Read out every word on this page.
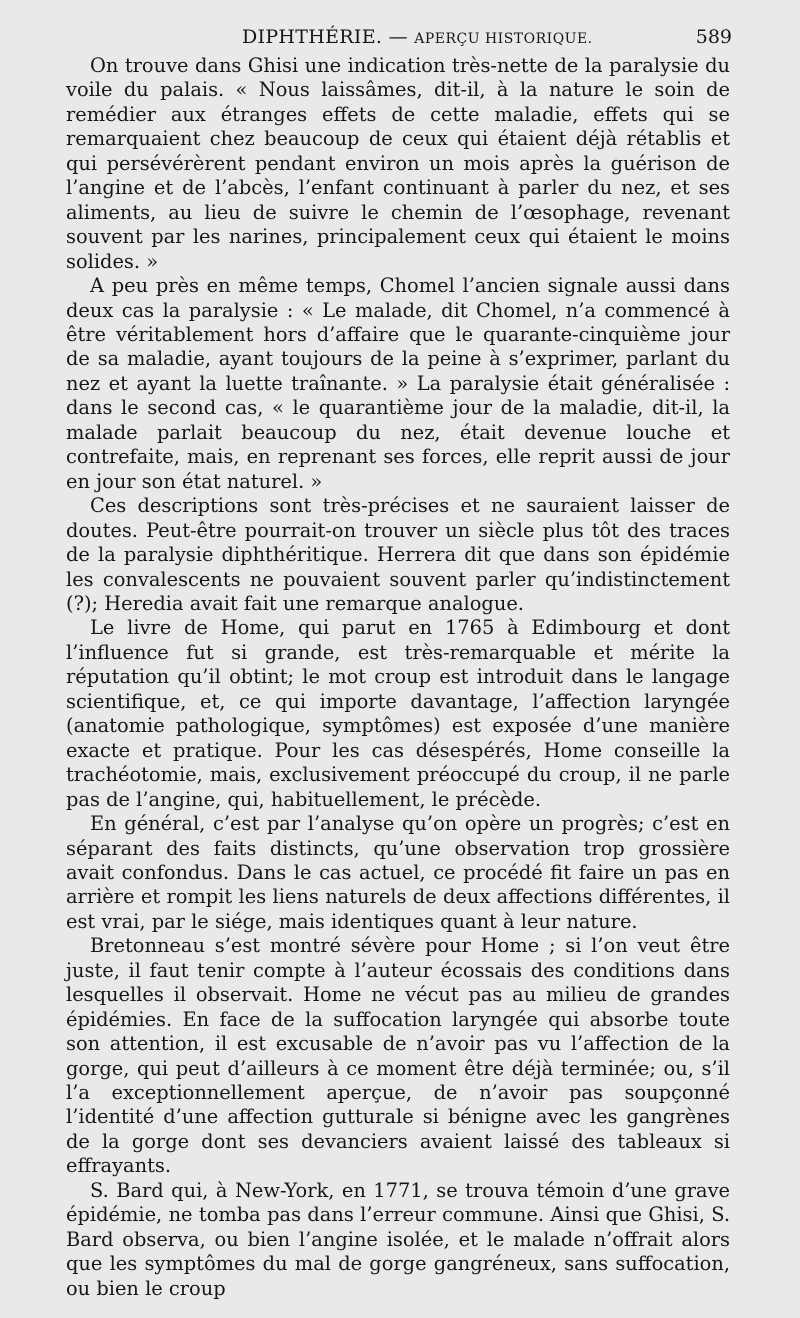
DIPHTHÉRIE. — APERÇU HISTORIQUE.	589

On trouve dans Ghisi une indication très-nette de la paralysie du voile du palais. « Nous laissâmes, dit-il, à la nature le soin de remédier aux étranges effets de cette maladie, effets qui se remarquaient chez beaucoup de ceux qui étaient déjà rétablis et qui persévérèrent pendant environ un mois après la guérison de l’angine et de l’abcès, l’enfant continuant à parler du nez, et ses aliments, au lieu de suivre le chemin de l’œsophage, revenant souvent par les narines, principalement ceux qui étaient le moins solides. »

A peu près en même temps, Chomel l’ancien signale aussi dans deux cas la paralysie : « Le malade, dit Chomel, n’a commencé à être véritablement hors d’affaire que le quarante-cinquième jour de sa maladie, ayant toujours de la peine à s’exprimer, parlant du nez et ayant la luette traînante. » La paralysie était généralisée : dans le second cas, « le quarantième jour de la maladie, dit-il, la malade parlait beaucoup du nez, était devenue louche et contrefaite, mais, en reprenant ses forces, elle reprit aussi de jour en jour son état naturel. »

Ces descriptions sont très-précises et ne sauraient laisser de doutes. Peut-être pourrait-on trouver un siècle plus tôt des traces de la paralysie diphthéritique. Herrera dit que dans son épidémie les convalescents ne pouvaient souvent parler qu’indistinctement (?); Heredia avait fait une remarque analogue.

Le livre de Home, qui parut en 1765 à Edimbourg et dont l’influence fut si grande, est très-remarquable et mérite la réputation qu’il obtint; le mot croup est introduit dans le langage scientifique, et, ce qui importe davantage, l’affection laryngée (anatomie pathologique, symptômes) est exposée d’une manière exacte et pratique. Pour les cas désespérés, Home conseille la trachéotomie, mais, exclusivement préoccupé du croup, il ne parle pas de l’angine, qui, habituellement, le précède.

En général, c’est par l’analyse qu’on opère un progrès; c’est en séparant des faits distincts, qu’une observation trop grossière avait confondus. Dans le cas actuel, ce procédé fit faire un pas en arrière et rompit les liens naturels de deux affections différentes, il est vrai, par le siége, mais identiques quant à leur nature.

Bretonneau s’est montré sévère pour Home ; si l’on veut être juste, il faut tenir compte à l’auteur écossais des conditions dans lesquelles il observait. Home ne vécut pas au milieu de grandes épidémies. En face de la suffocation laryngée qui absorbe toute son attention, il est excusable de n’avoir pas vu l’affection de la gorge, qui peut d’ailleurs à ce moment être déjà terminée; ou, s’il l’a exceptionnellement aperçue, de n’avoir pas soupçonné l’identité d’une affection gutturale si bénigne avec les gangrènes de la gorge dont ses devanciers avaient laissé des tableaux si effrayants.

S. Bard qui, à New-York, en 1771, se trouva témoin d’une grave épidémie, ne tomba pas dans l’erreur commune. Ainsi que Ghisi, S. Bard observa, ou bien l’angine isolée, et le malade n’offrait alors que les symptômes du mal de gorge gangréneux, sans suffocation, ou bien le croup
